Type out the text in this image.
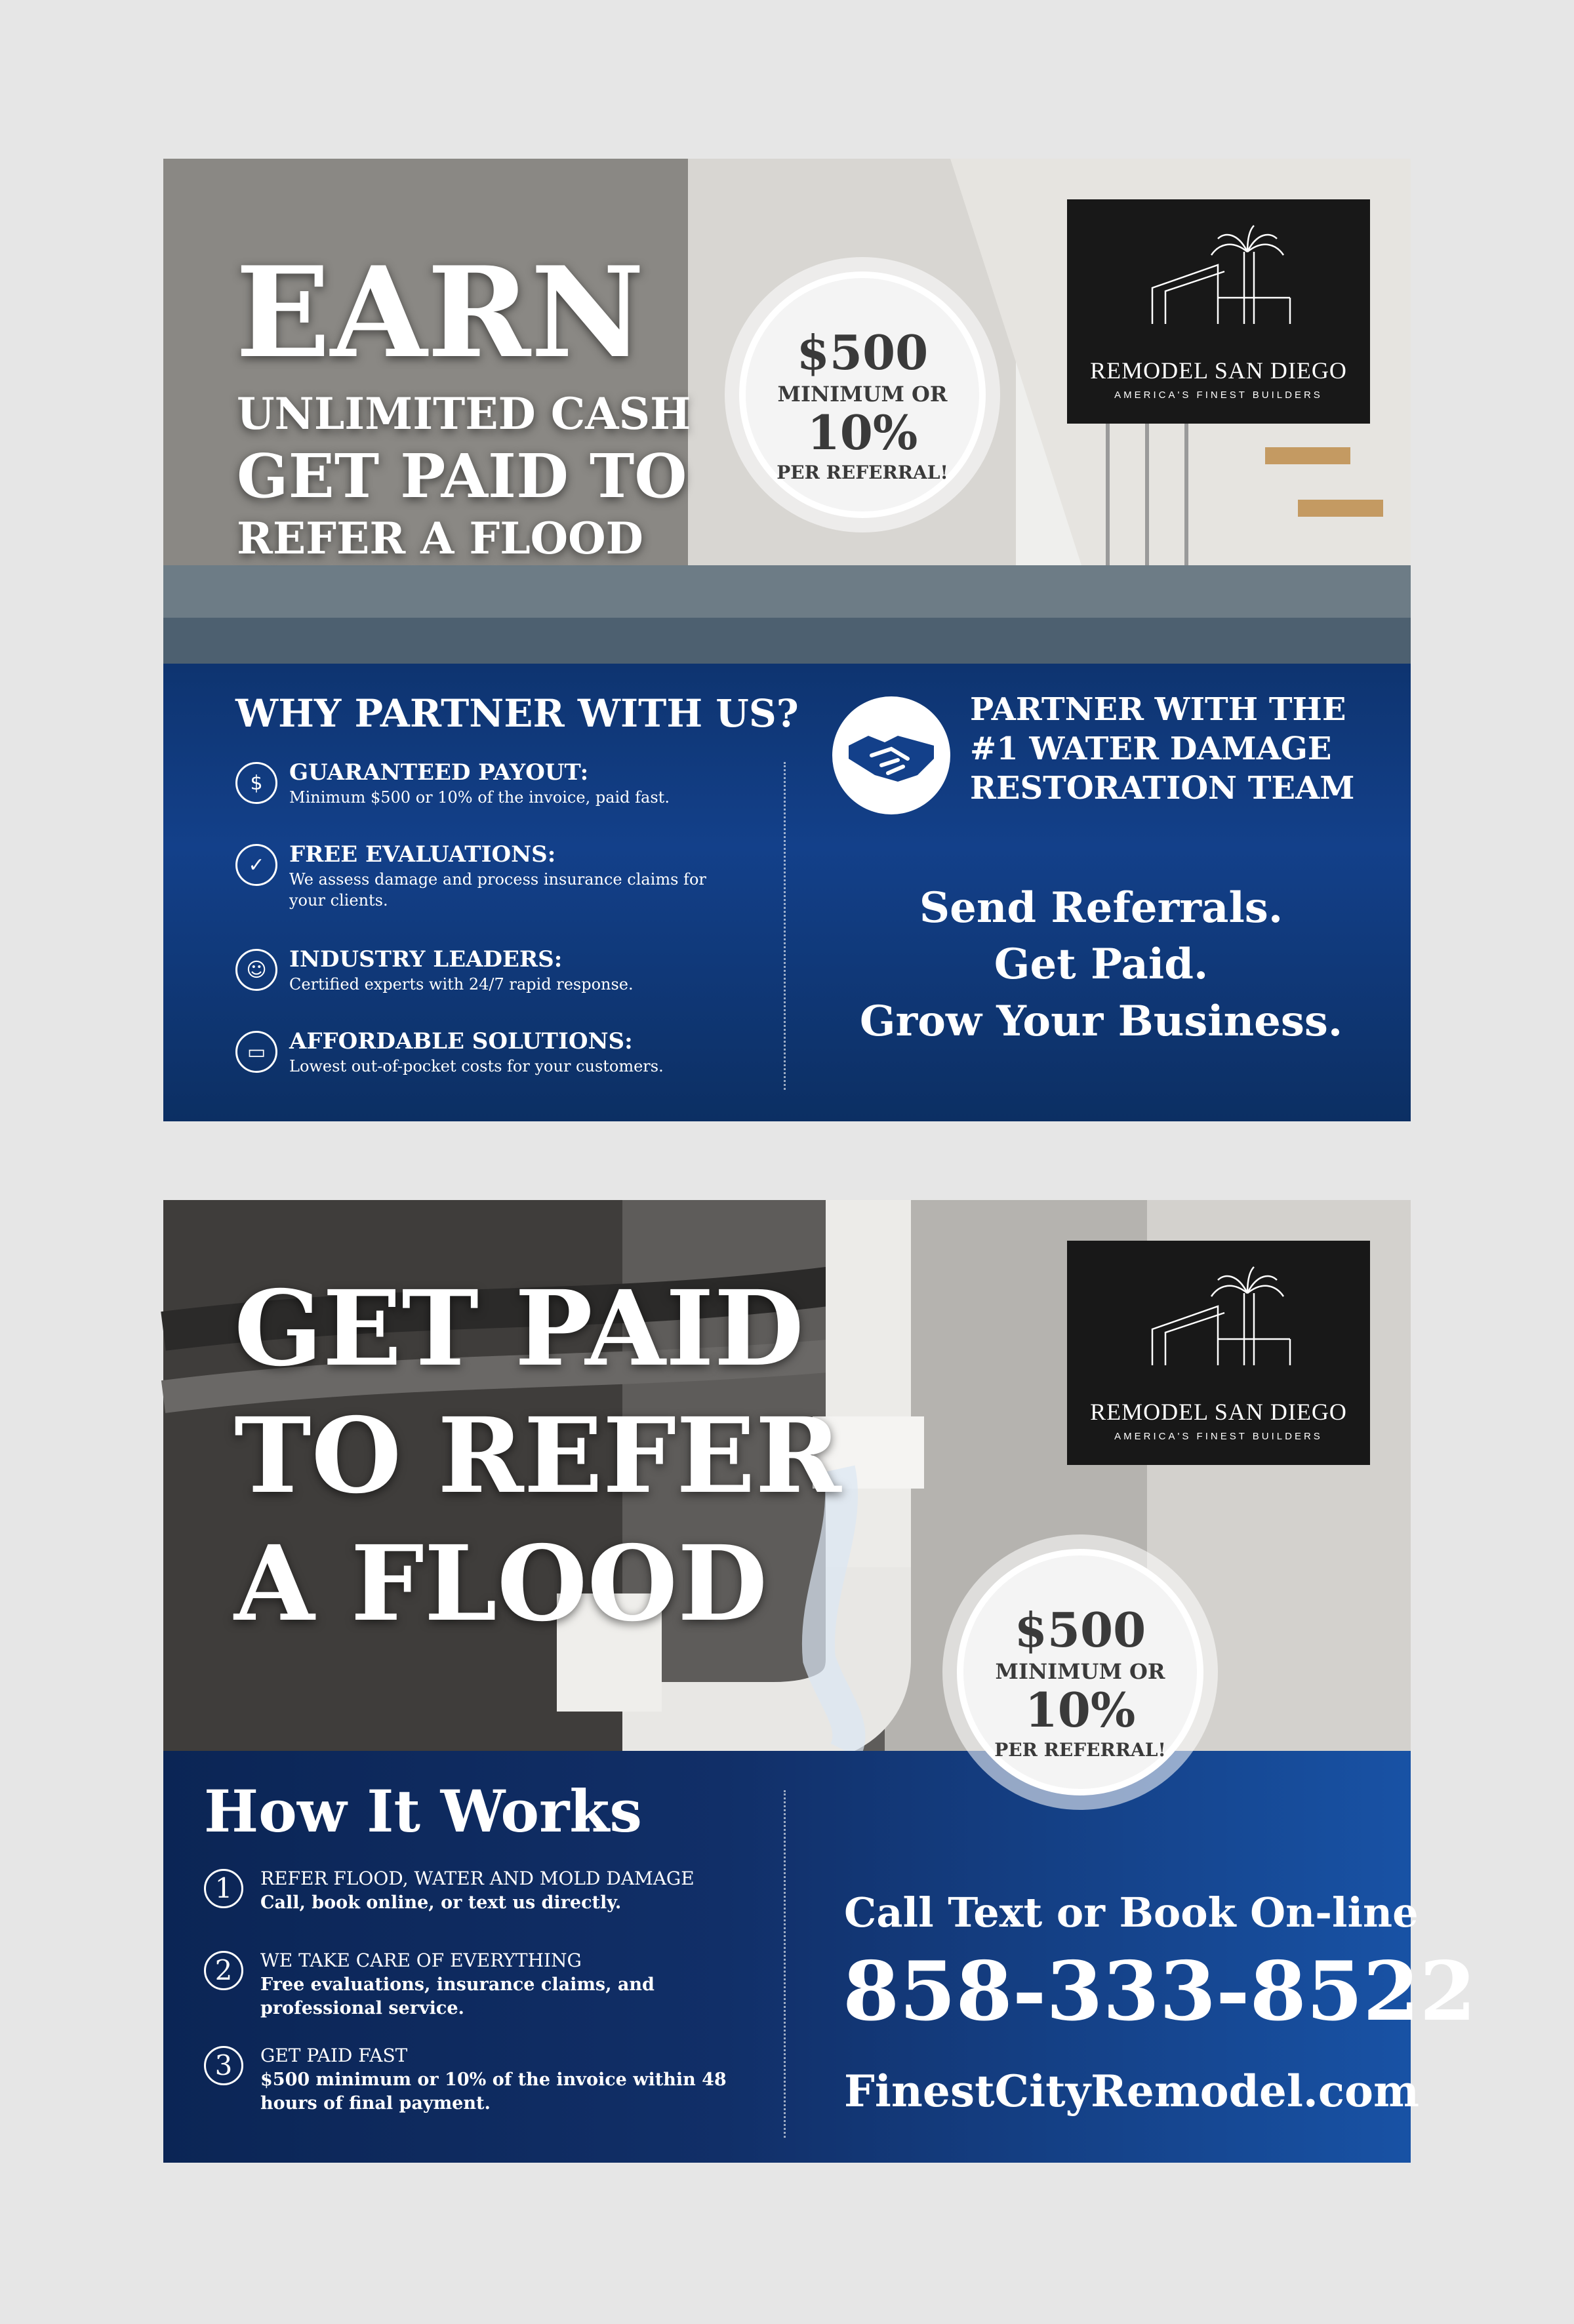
EARN
UNLIMITED CASH
GET PAID TO
REFER A FLOOD
$500
MINIMUM OR
10%
PER REFERRAL!
REMODEL SAN DIEGO
AMERICA'S FINEST BUILDERS
WHY PARTNER WITH US?
$	GUARANTEED PAYOUT:
Minimum $500 or 10% of the invoice, paid fast.
✓	FREE EVALUATIONS:
We assess damage and process insurance claims for your clients.
☺	INDUSTRY LEADERS:
Certified experts with 24/7 rapid response.
▭	AFFORDABLE SOLUTIONS:
Lowest out-of-pocket costs for your customers.
PARTNER WITH THE
#1 WATER DAMAGE
RESTORATION TEAM
Send Referrals.
Get Paid.
Grow Your Business.
GET PAID
TO REFER
A FLOOD
REMODEL SAN DIEGO
AMERICA'S FINEST BUILDERS
$500
MINIMUM OR
10%
PER REFERRAL!
How It Works
1	REFER FLOOD, WATER AND MOLD DAMAGE
Call, book online, or text us directly.
2	WE TAKE CARE OF EVERYTHING
Free evaluations, insurance claims, and professional service.
3	GET PAID FAST
$500 minimum or 10% of the invoice within 48 hours of final payment.
Call Text or Book On-line
858-333-8522
FinestCityRemodel.com
